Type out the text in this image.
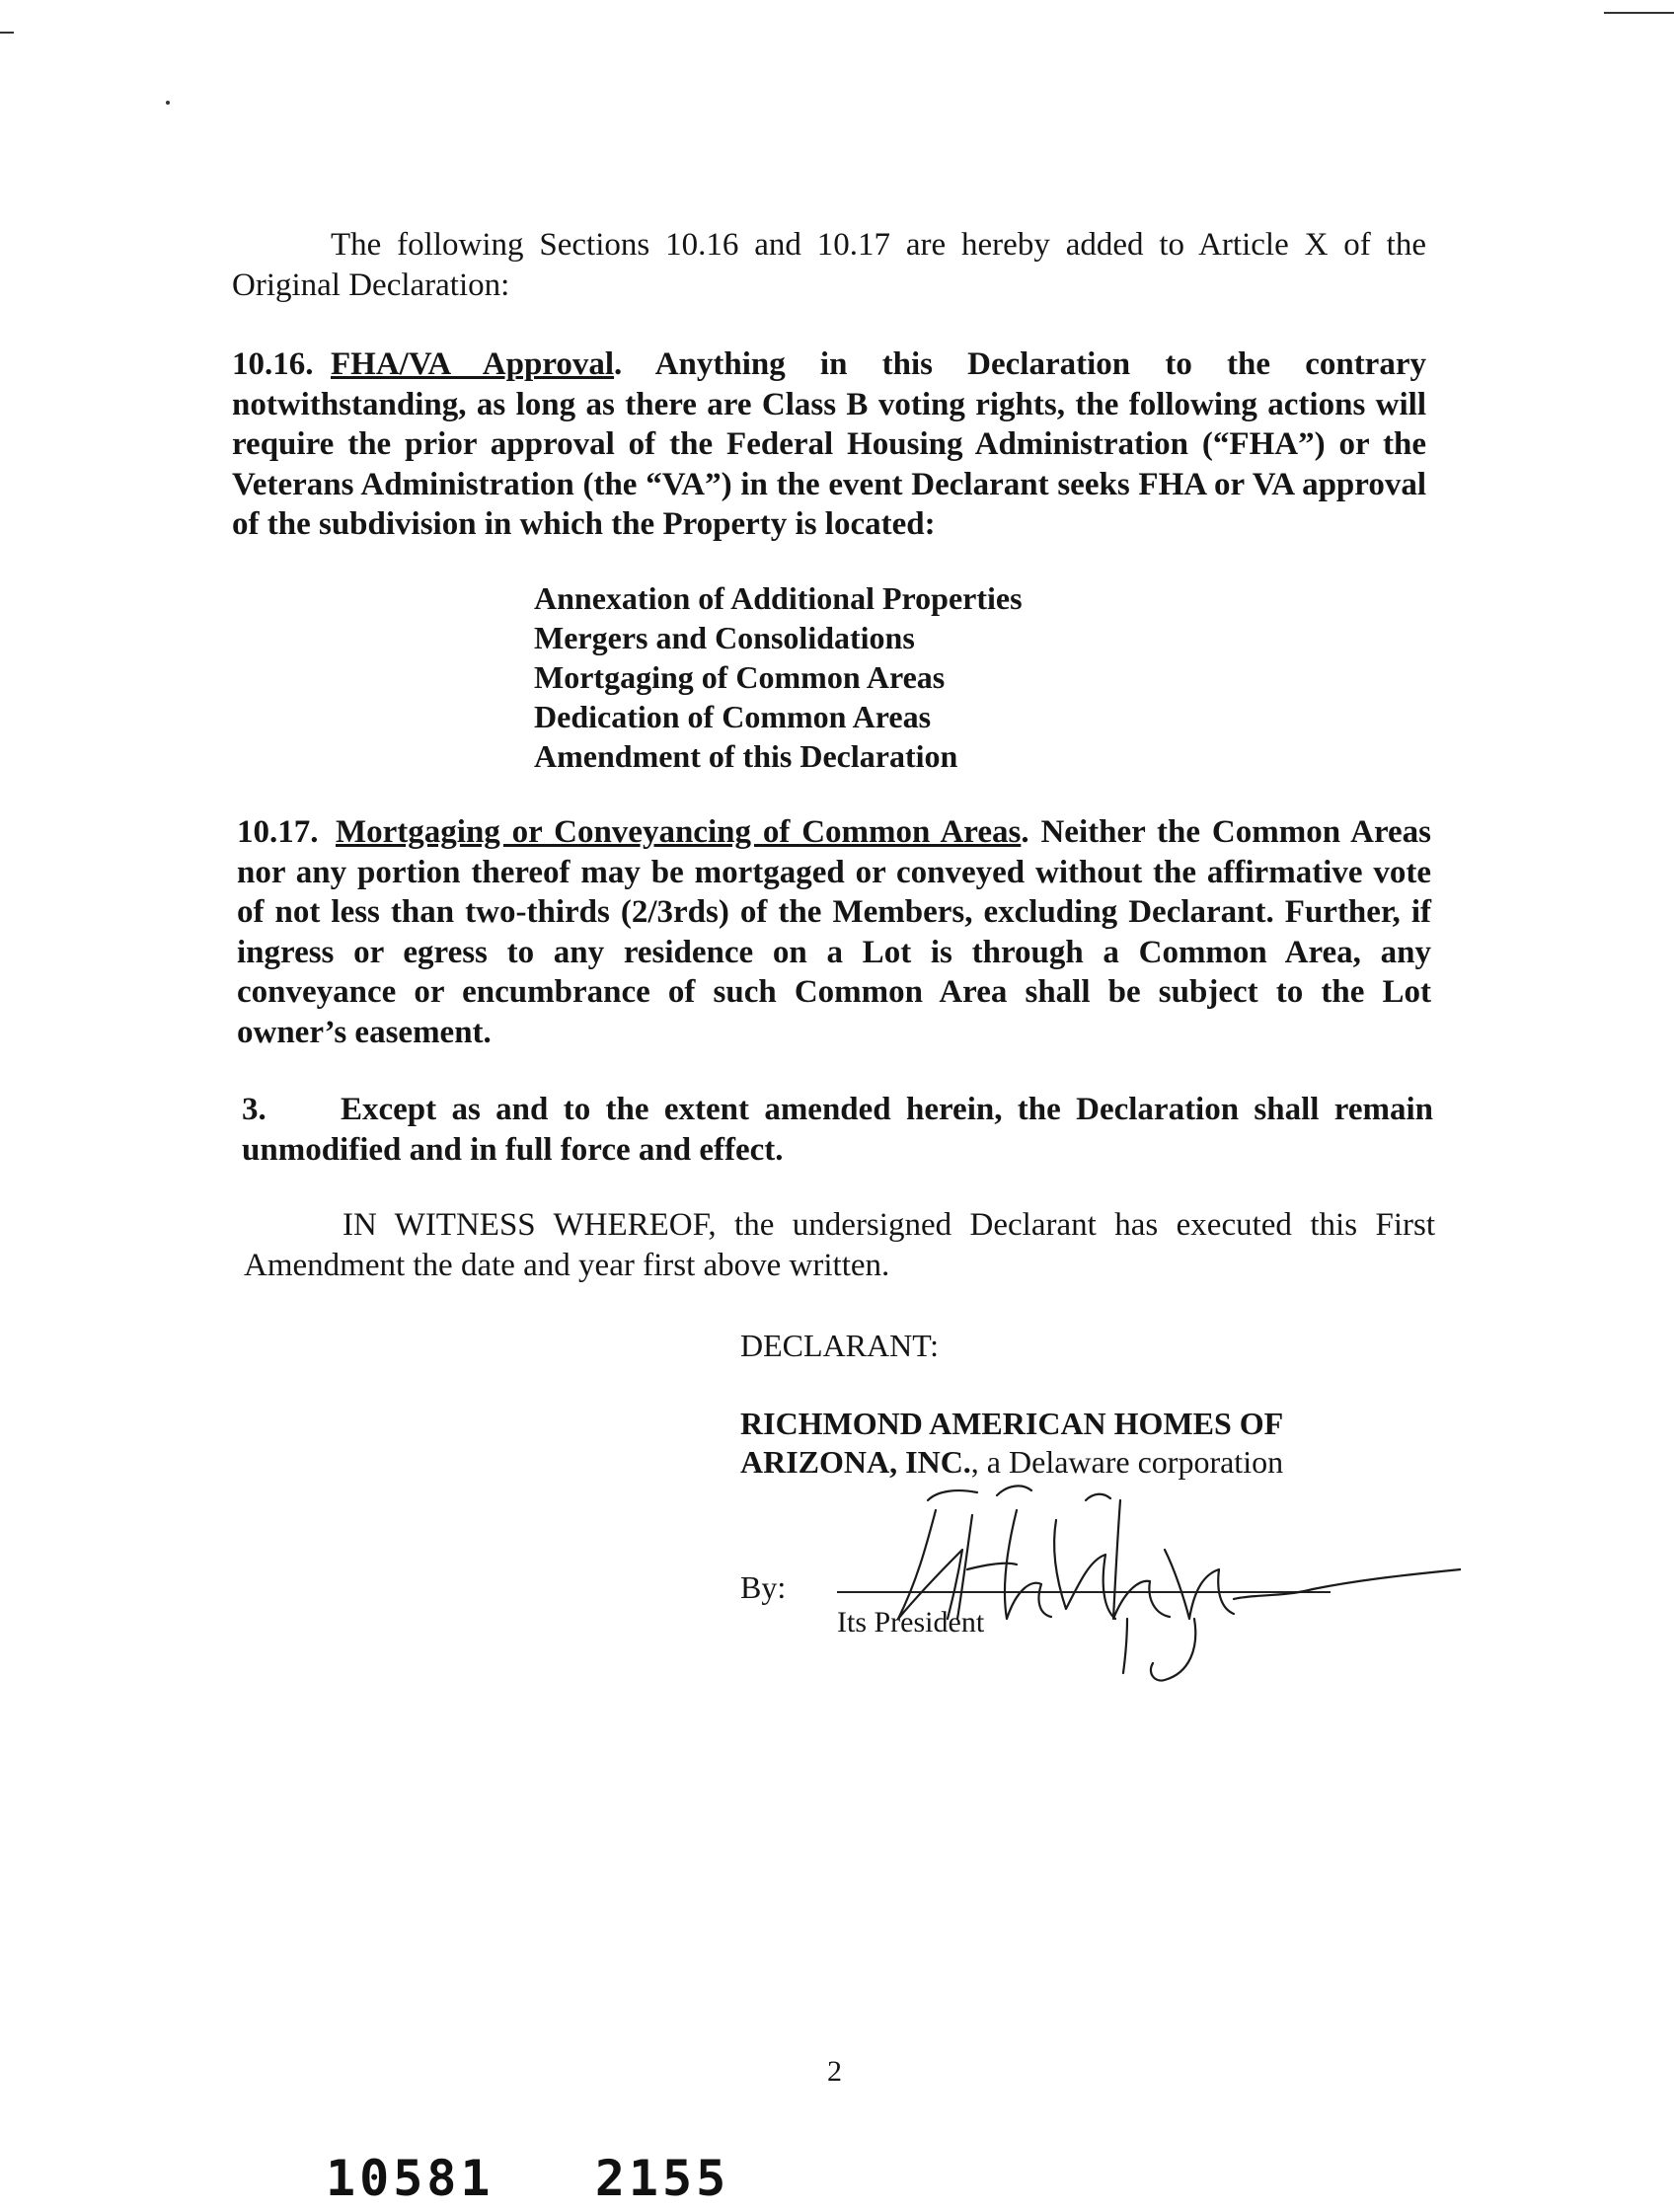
The following Sections 10.16 and 10.17 are hereby added to Article X of the
Original Declaration:
10.16. FHA/VA Approval. Anything in this Declaration to the contrary notwithstanding, as long as there are Class B voting rights, the following actions will require the prior approval of the Federal Housing Administration (“FHA”) or the Veterans Administration (the “VA”) in the event Declarant seeks FHA or VA approval of the subdivision in which the Property is located:
Annexation of Additional Properties
Mergers and Consolidations
Mortgaging of Common Areas
Dedication of Common Areas
Amendment of this Declaration
10.17. Mortgaging or Conveyancing of Common Areas. Neither the Common Areas nor any portion thereof may be mortgaged or conveyed without the affirmative vote of not less than two-thirds (2/3rds) of the Members, excluding Declarant. Further, if ingress or egress to any residence on a Lot is through a Common Area, any conveyance or encumbrance of such Common Area shall be subject to the Lot owner’s easement.
3. Except as and to the extent amended herein, the Declaration shall remain unmodified and in full force and effect.
IN WITNESS WHEREOF, the undersigned Declarant has executed this First Amendment the date and year first above written.
DECLARANT:
RICHMOND AMERICAN HOMES OF
ARIZONA, INC., a Delaware corporation
By:
Its President
2
10581 2155
